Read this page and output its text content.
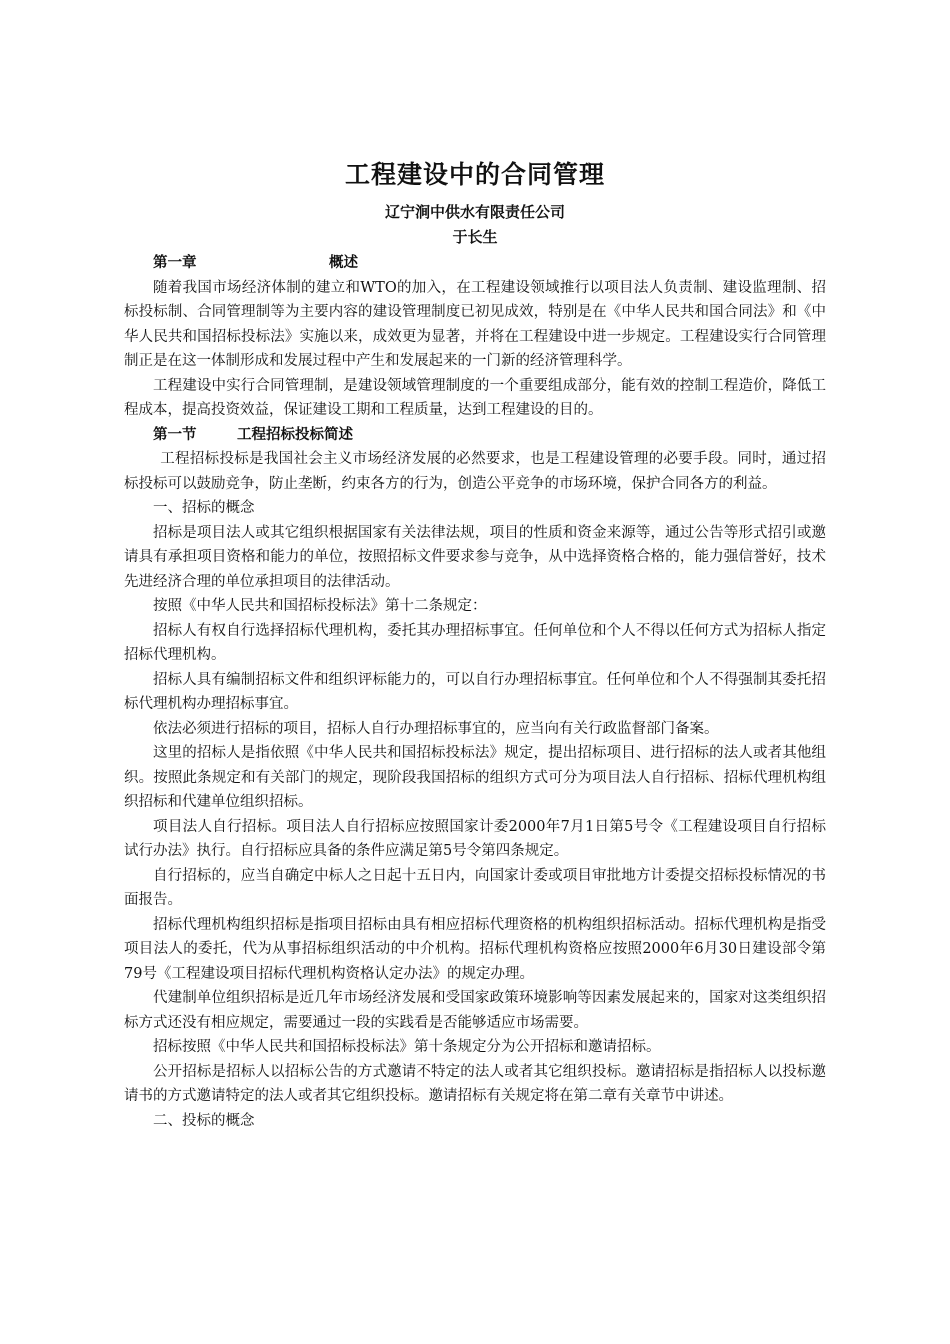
工程建设中的合同管理
辽宁涧中供水有限责任公司
于长生
第一章	概述

随着我国市场经济体制的建立和WTO的加入，在工程建设领域推行以项目法人负责制、建设监理制、招标投标制、合同管理制等为主要内容的建设管理制度已初见成效，特别是在《中华人民共和国合同法》和《中华人民共和国招标投标法》实施以来，成效更为显著，并将在工程建设中进一步规定。工程建设实行合同管理制正是在这一体制形成和发展过程中产生和发展起来的一门新的经济管理科学。

工程建设中实行合同管理制，是建设领域管理制度的一个重要组成部分，能有效的控制工程造价，降低工程成本，提高投资效益，保证建设工期和工程质量，达到工程建设的目的。

第一节	工程招标投标简述

工程招标投标是我国社会主义市场经济发展的必然要求，也是工程建设管理的必要手段。同时，通过招标投标可以鼓励竞争，防止垄断，约束各方的行为，创造公平竞争的市场环境，保护合同各方的利益。

一、招标的概念

招标是项目法人或其它组织根据国家有关法律法规，项目的性质和资金来源等，通过公告等形式招引或邀请具有承担项目资格和能力的单位，按照招标文件要求参与竞争，从中选择资格合格的，能力强信誉好，技术先进经济合理的单位承担项目的法律活动。

按照《中华人民共和国招标投标法》第十二条规定：

招标人有权自行选择招标代理机构，委托其办理招标事宜。任何单位和个人不得以任何方式为招标人指定招标代理机构。

招标人具有编制招标文件和组织评标能力的，可以自行办理招标事宜。任何单位和个人不得强制其委托招标代理机构办理招标事宜。

依法必须进行招标的项目，招标人自行办理招标事宜的，应当向有关行政监督部门备案。

这里的招标人是指依照《中华人民共和国招标投标法》规定，提出招标项目、进行招标的法人或者其他组织。按照此条规定和有关部门的规定，现阶段我国招标的组织方式可分为项目法人自行招标、招标代理机构组织招标和代建单位组织招标。

项目法人自行招标。项目法人自行招标应按照国家计委2000年7月1日第5号令《工程建设项目自行招标试行办法》执行。自行招标应具备的条件应满足第5号令第四条规定。

自行招标的，应当自确定中标人之日起十五日内，向国家计委或项目审批地方计委提交招标投标情况的书面报告。

招标代理机构组织招标是指项目招标由具有相应招标代理资格的机构组织招标活动。招标代理机构是指受项目法人的委托，代为从事招标组织活动的中介机构。招标代理机构资格应按照2000年6月30日建设部令第79号《工程建设项目招标代理机构资格认定办法》的规定办理。

代建制单位组织招标是近几年市场经济发展和受国家政策环境影响等因素发展起来的，国家对这类组织招标方式还没有相应规定，需要通过一段的实践看是否能够适应市场需要。

招标按照《中华人民共和国招标投标法》第十条规定分为公开招标和邀请招标。

公开招标是招标人以招标公告的方式邀请不特定的法人或者其它组织投标。邀请招标是指招标人以投标邀请书的方式邀请特定的法人或者其它组织投标。邀请招标有关规定将在第二章有关章节中讲述。

二、投标的概念
